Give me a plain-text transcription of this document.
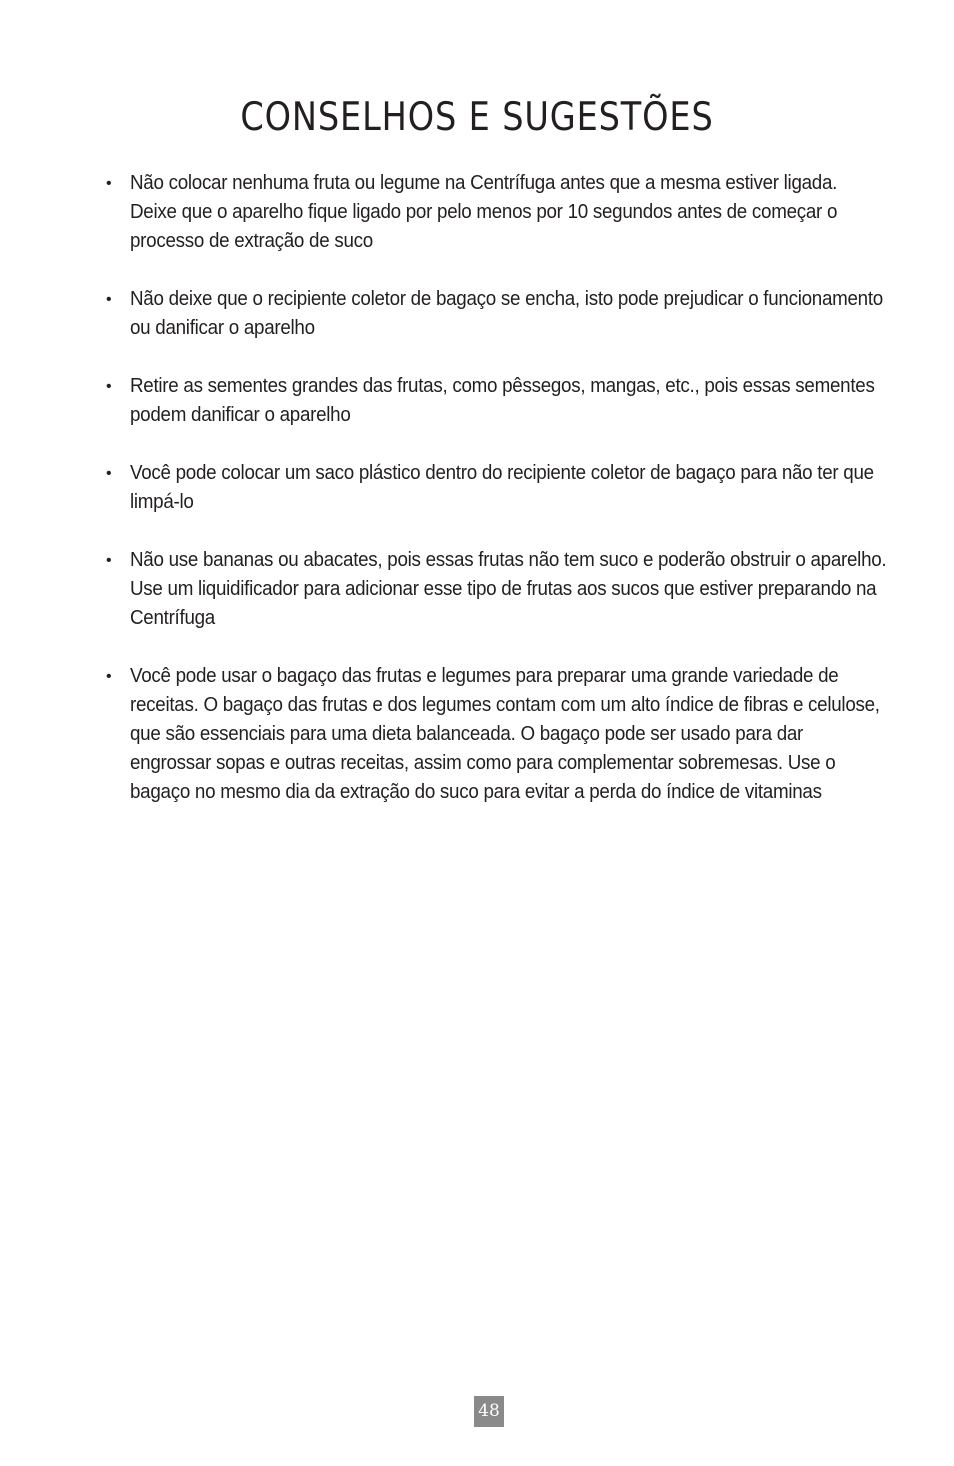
CONSELHOS E SUGESTÕES
• Não colocar nenhuma fruta ou legume na Centrífuga antes que a mesma estiver ligada. Deixe que o aparelho fique ligado por pelo menos por 10 segundos antes de começar o processo de extração de suco
• Não deixe que o recipiente coletor de bagaço se encha, isto pode prejudicar o funcionamento ou danificar o aparelho
• Retire as sementes grandes das frutas, como pêssegos, mangas, etc., pois essas sementes podem danificar o aparelho
• Você pode colocar um saco plástico dentro do recipiente coletor de bagaço para não ter que limpá-lo
• Não use bananas ou abacates, pois essas frutas não tem suco e poderão obstruir o aparelho. Use um liquidificador para adicionar esse tipo de frutas aos sucos que estiver preparando na Centrífuga
• Você pode usar o bagaço das frutas e legumes para preparar uma grande variedade de receitas. O bagaço das frutas e dos legumes contam com um alto índice de fibras e celulose, que são essenciais para uma dieta balanceada. O bagaço pode ser usado para dar engrossar sopas e outras receitas, assim como para complementar sobremesas. Use o bagaço no mesmo dia da extração do suco para evitar a perda do índice de vitaminas
48
